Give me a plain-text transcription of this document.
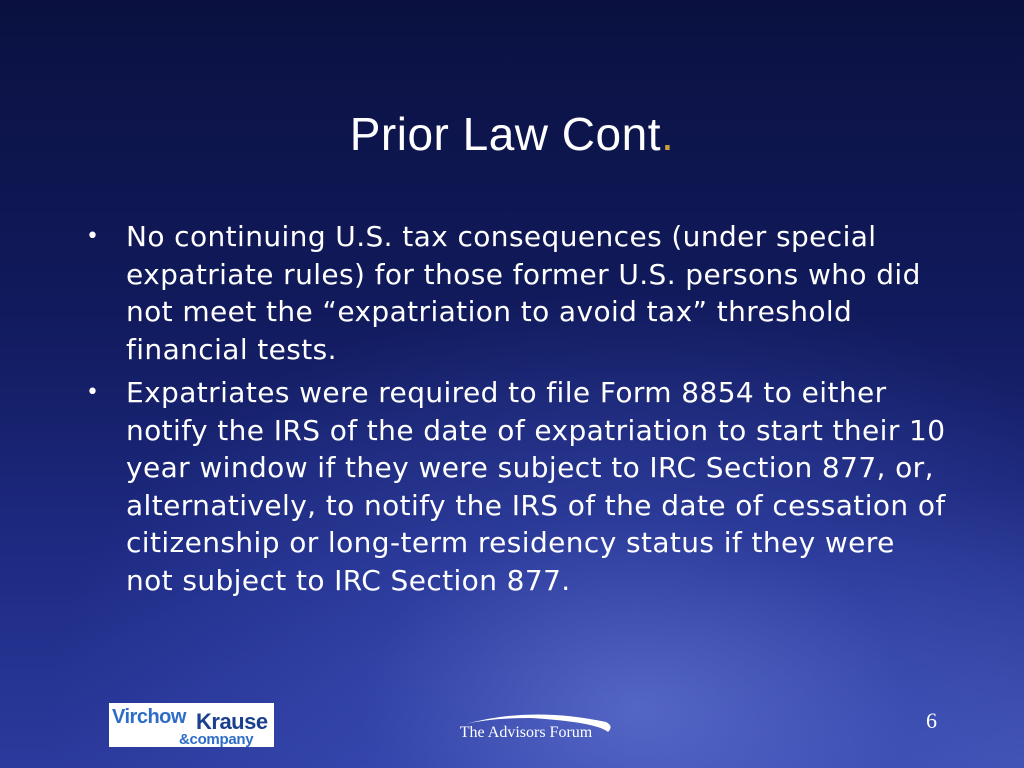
Prior Law Cont.
• No continuing U.S. tax consequences (under special expatriate rules) for those former U.S. persons who did not meet the “expatriation to avoid tax” threshold financial tests.
• Expatriates were required to file Form 8854 to either notify the IRS of the date of expatriation to start their 10 year window if they were subject to IRC Section 877, or, alternatively, to notify the IRS of the date of cessation of citizenship or long-term residency status if they were not subject to IRC Section 877.
Virchow Krause
&company	The Advisors Forum	6
